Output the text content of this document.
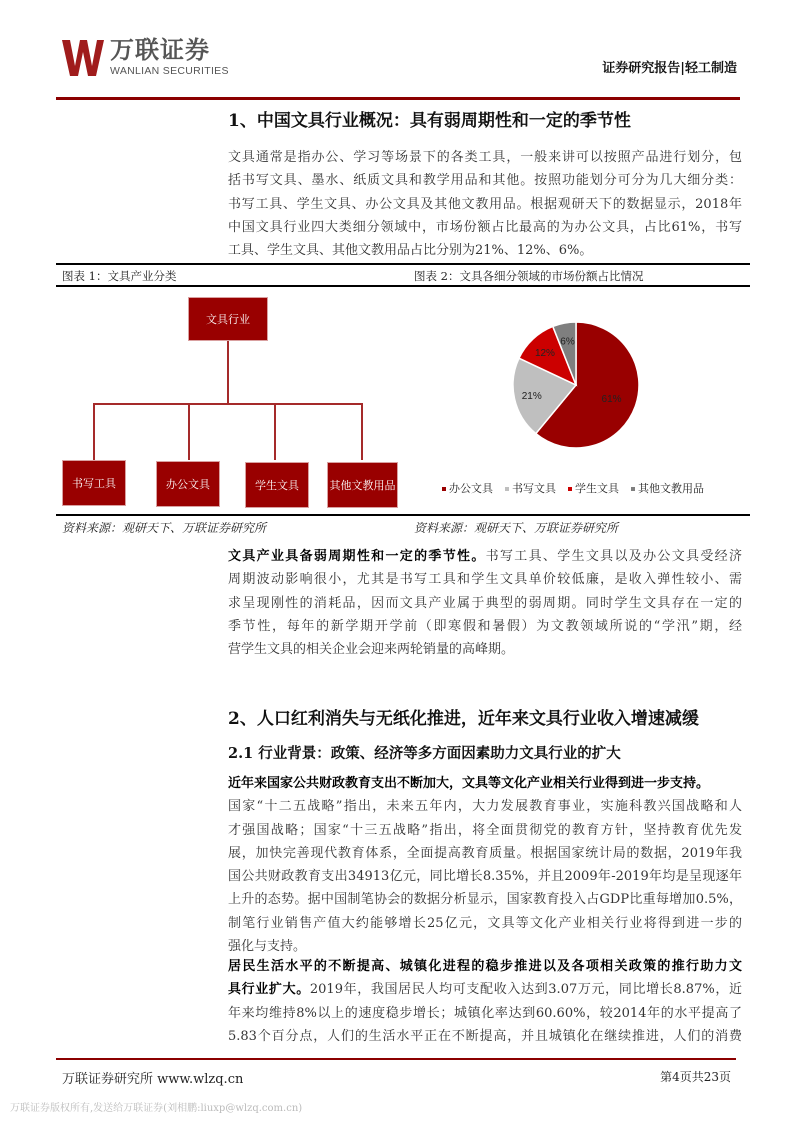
万联证券
WANLIAN SECURITIES	证券研究报告|轻工制造
1、中国文具行业概况：具有弱周期性和一定的季节性
文具通常是指办公、学习等场景下的各类工具，一般来讲可以按照产品进行划分，包
括书写文具、墨水、纸质文具和教学用品和其他。按照功能划分可分为几大细分类：
书写工具、学生文具、办公文具及其他文教用品。根据观研天下的数据显示，2018年
中国文具行业四大类细分领域中，市场份额占比最高的为办公文具，占比61%，书写
工具、学生文具、其他文教用品占比分别为21%、12%、6%。
图表 1：文具产业分类	图表 2：文具各细分领域的市场份额占比情况
文具行业
书写工具	办公文具	学生文具	其他文教用品
61%
21%
12%
6%
办公文具	书写文具	学生文具	其他文教用品
资料来源：观研天下、万联证券研究所	资料来源：观研天下、万联证券研究所
文具产业具备弱周期性和一定的季节性。书写工具、学生文具以及办公文具受经济
周期波动影响很小，尤其是书写工具和学生文具单价较低廉，是收入弹性较小、需
求呈现刚性的消耗品，因而文具产业属于典型的弱周期。同时学生文具存在一定的
季节性，每年的新学期开学前（即寒假和暑假）为文教领域所说的“学汛”期，经
营学生文具的相关企业会迎来两轮销量的高峰期。
2、人口红利消失与无纸化推进，近年来文具行业收入增速减缓
2.1 行业背景：政策、经济等多方面因素助力文具行业的扩大
近年来国家公共财政教育支出不断加大，文具等文化产业相关行业得到进一步支持。
国家“十二五战略”指出，未来五年内，大力发展教育事业，实施科教兴国战略和人
才强国战略；国家“十三五战略”指出，将全面贯彻党的教育方针，坚持教育优先发
展，加快完善现代教育体系，全面提高教育质量。根据国家统计局的数据，2019年我
国公共财政教育支出34913亿元，同比增长8.35%，并且2009年-2019年均是呈现逐年
上升的态势。据中国制笔协会的数据分析显示，国家教育投入占GDP比重每增加0.5%，
制笔行业销售产值大约能够增长25亿元，文具等文化产业相关行业将得到进一步的
强化与支持。
居民生活水平的不断提高、城镇化进程的稳步推进以及各项相关政策的推行助力文
具行业扩大。2019年，我国居民人均可支配收入达到3.07万元，同比增长8.87%，近
年来均维持8%以上的速度稳步增长；城镇化率达到60.60%，较2014年的水平提高了
5.83个百分点，人们的生活水平正在不断提高，并且城镇化在继续推进，人们的消费
万联证券研究所 www.wlzq.cn	第4页共23页
万联证券版权所有,发送给万联证券(刘相鹏:liuxp@wlzq.com.cn)
